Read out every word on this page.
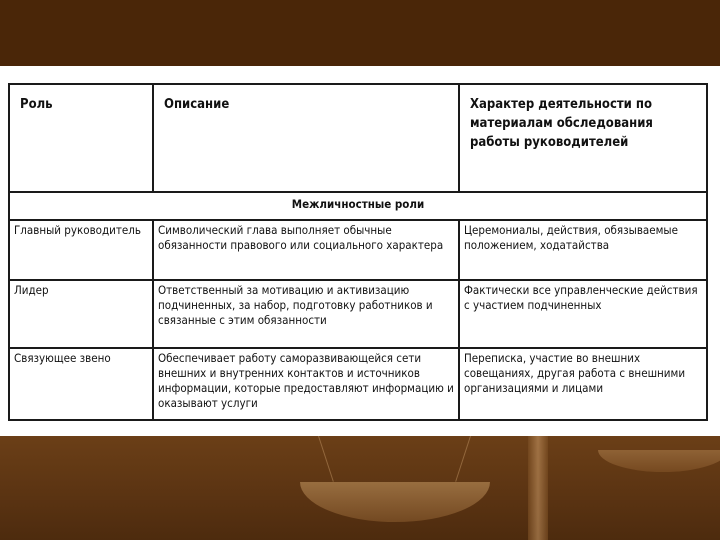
Роль	Описание	Характер деятельности по материалам обследования работы руководителей
Межличностные роли		
Главный руководитель	Символический глава выполняет обычные обязанности правового или социального характера	Церемониалы, действия, обязываемые положением, ходатайства
Лидер	Ответственный за мотивацию и активизацию подчиненных, за набор, подготовку работников и связанные с этим обязанности	Фактически все управленческие действия с участием подчиненных
Связующее звено	Обеспечивает работу саморазвивающейся сети внешних и внутренних контактов и источников информации, которые предоставляют информацию и оказывают услуги	Переписка, участие во внешних совещаниях, другая работа с внешними организациями и лицами
